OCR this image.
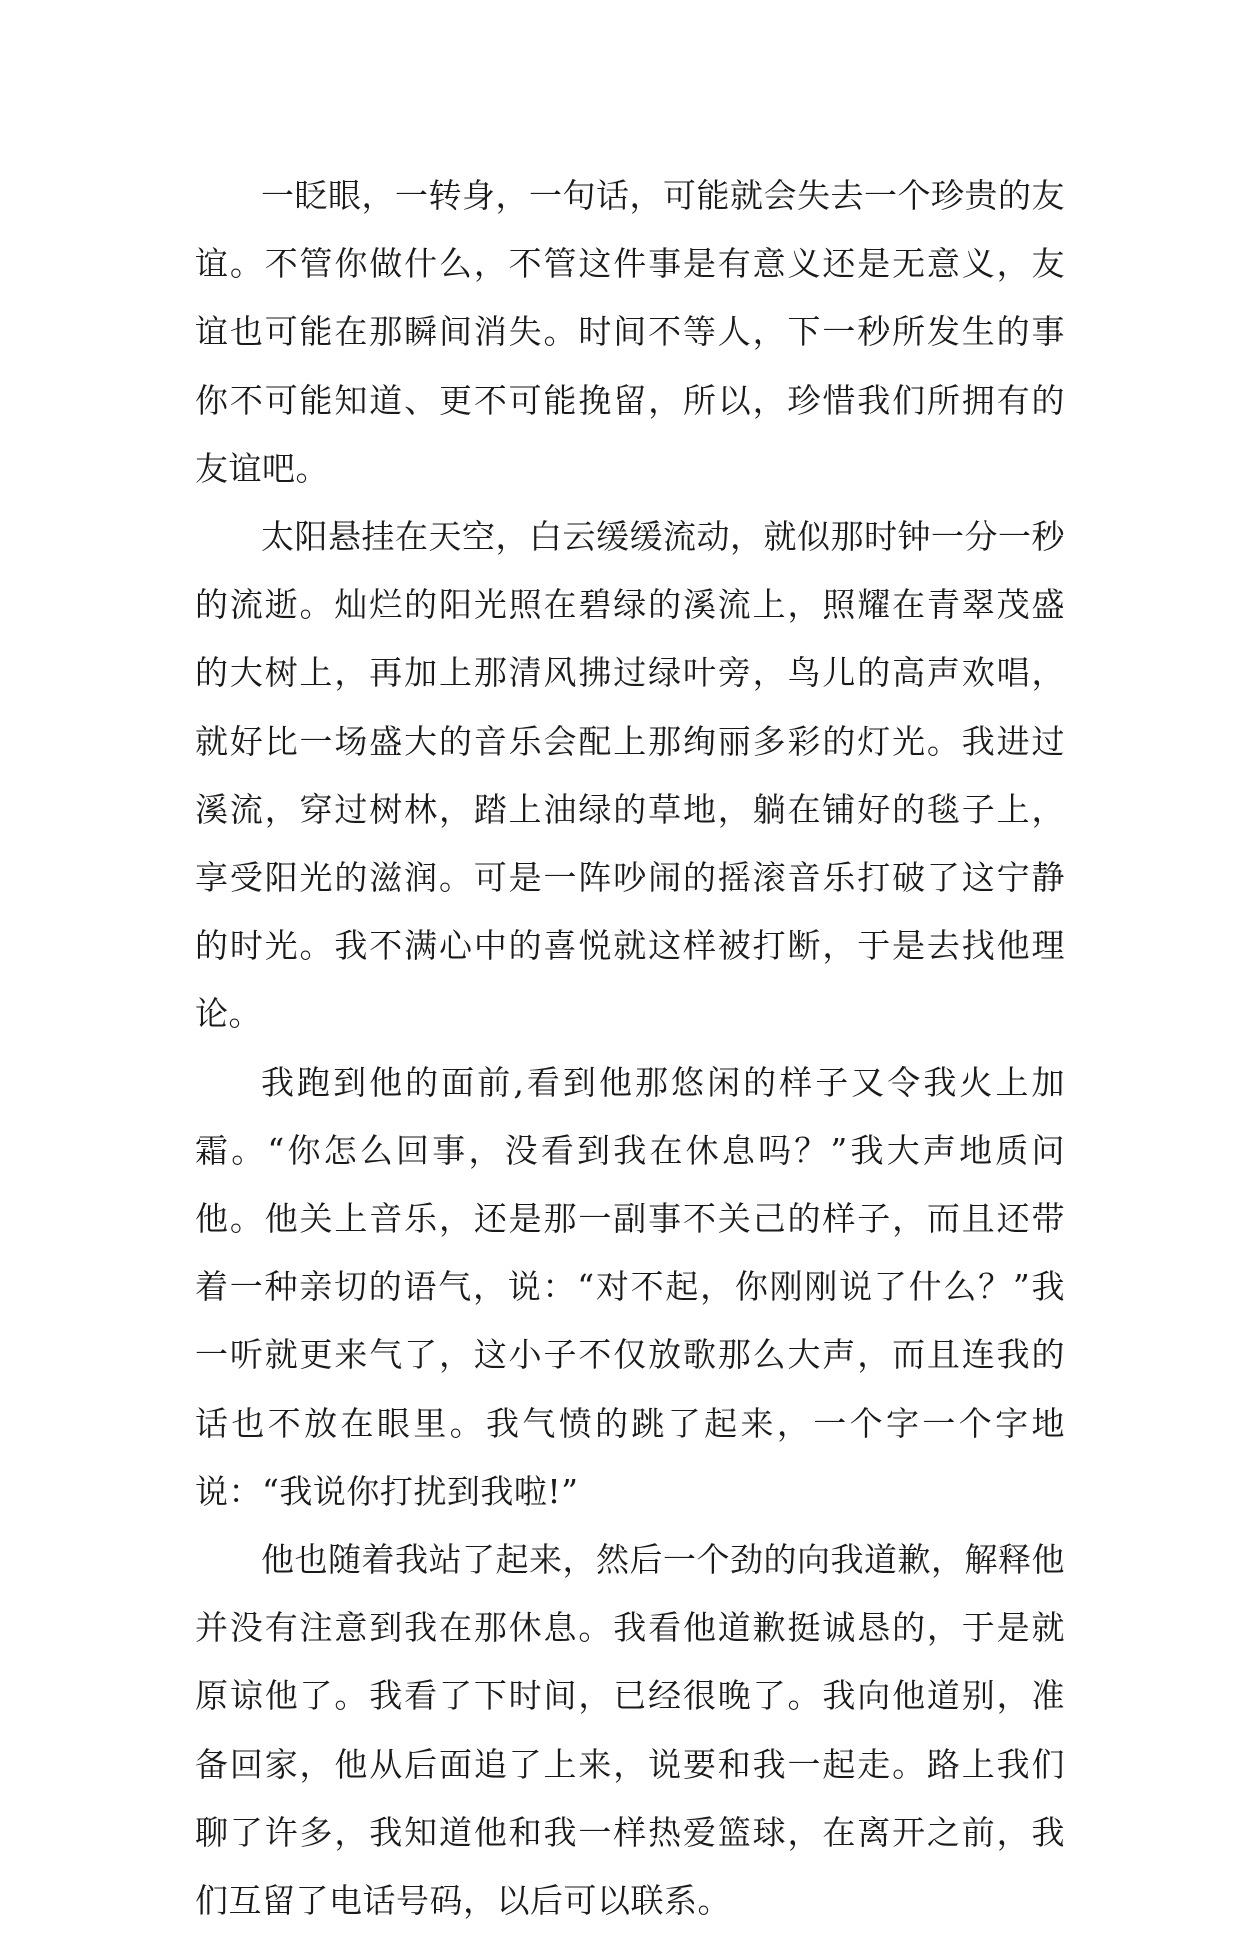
一眨眼，一转身，一句话，可能就会失去一个珍贵的友谊。不管你做什么，不管这件事是有意义还是无意义，友谊也可能在那瞬间消失。时间不等人，下一秒所发生的事你不可能知道、更不可能挽留，所以，珍惜我们所拥有的友谊吧。

太阳悬挂在天空，白云缓缓流动，就似那时钟一分一秒的流逝。灿烂的阳光照在碧绿的溪流上，照耀在青翠茂盛的大树上，再加上那清风拂过绿叶旁，鸟儿的高声欢唱，就好比一场盛大的音乐会配上那绚丽多彩的灯光。我进过溪流，穿过树林，踏上油绿的草地，躺在铺好的毯子上，享受阳光的滋润。可是一阵吵闹的摇滚音乐打破了这宁静的时光。我不满心中的喜悦就这样被打断，于是去找他理论。

我跑到他的面前,看到他那悠闲的样子又令我火上加霜。“你怎么回事，没看到我在休息吗？”我大声地质问他。他关上音乐，还是那一副事不关己的样子，而且还带着一种亲切的语气，说：“对不起，你刚刚说了什么？”我一听就更来气了，这小子不仅放歌那么大声，而且连我的话也不放在眼里。我气愤的跳了起来，一个字一个字地说：“我说你打扰到我啦!”

他也随着我站了起来，然后一个劲的向我道歉，解释他并没有注意到我在那休息。我看他道歉挺诚恳的，于是就原谅他了。我看了下时间，已经很晚了。我向他道别，准备回家，他从后面追了上来，说要和我一起走。路上我们聊了许多，我知道他和我一样热爱篮球，在离开之前，我们互留了电话号码，以后可以联系。
